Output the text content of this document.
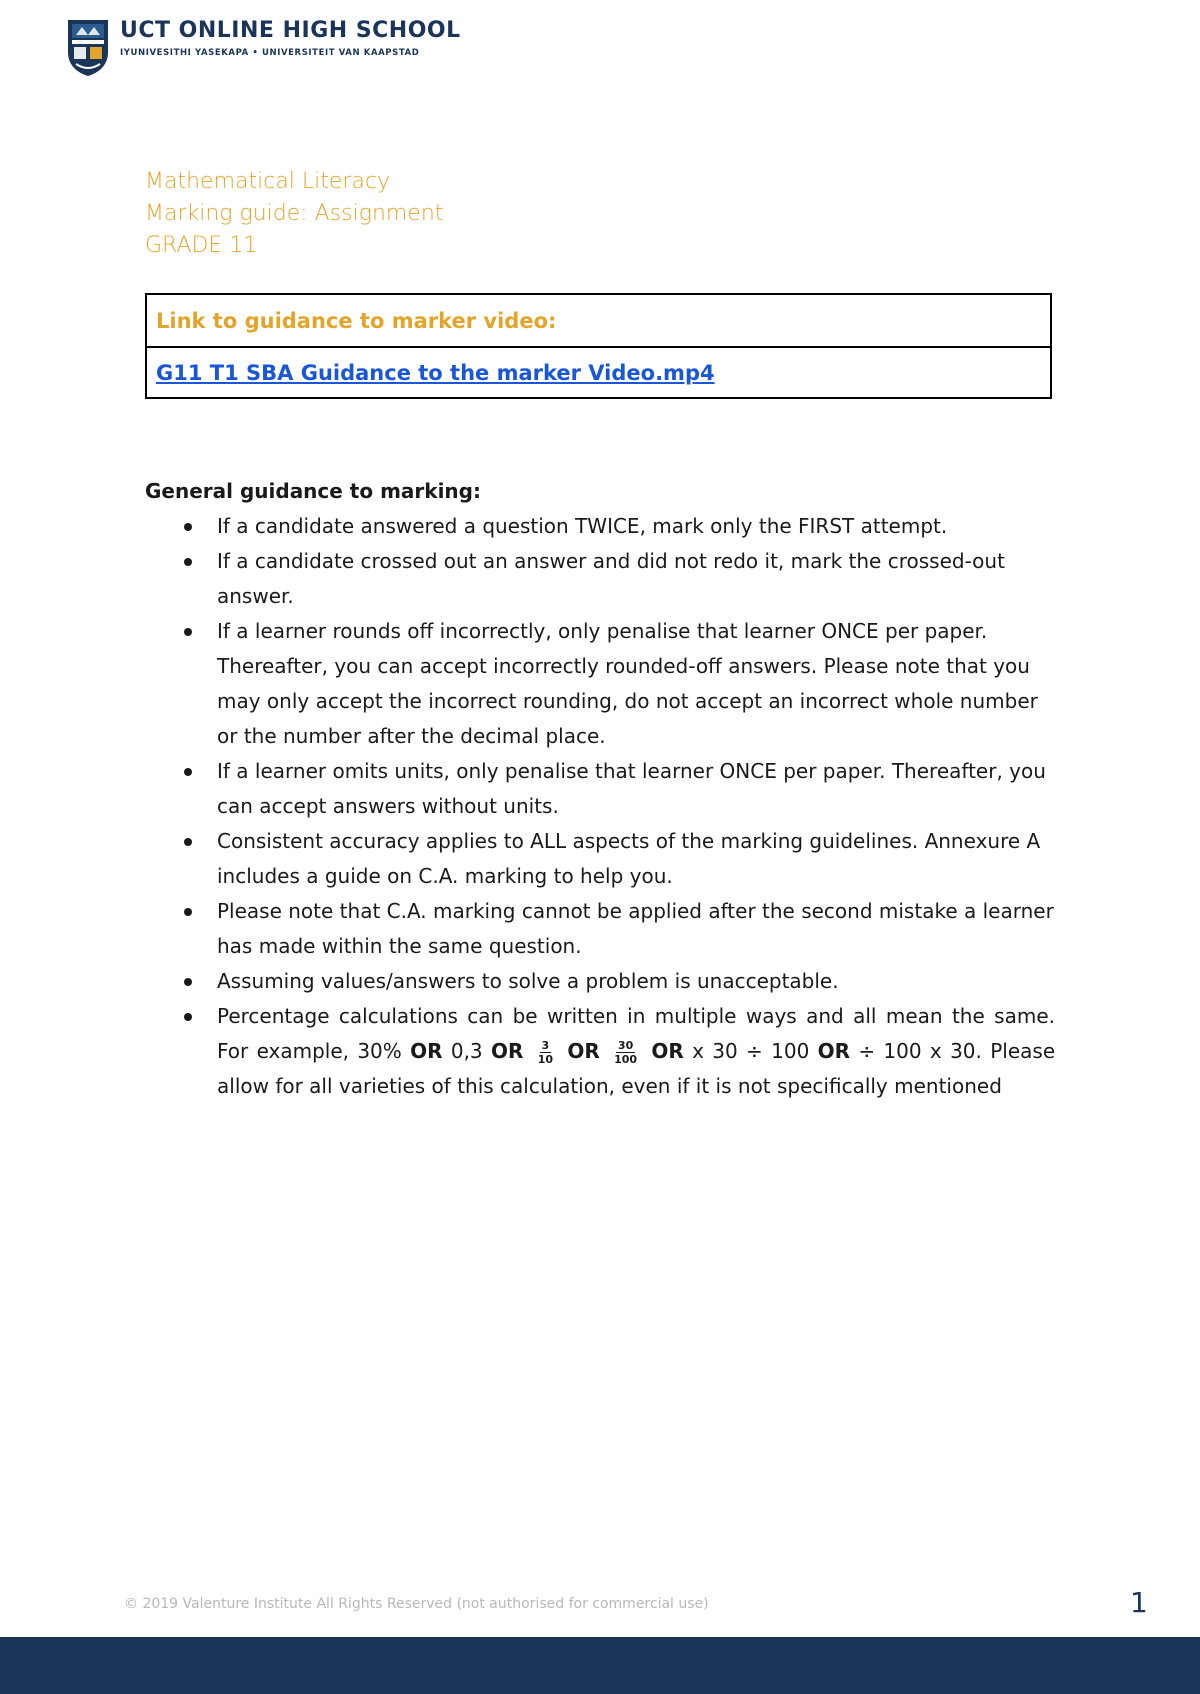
UCT ONLINE HIGH SCHOOL
IYUNIVESITHI YASEKAPA • UNIVERSITEIT VAN KAAPSTAD
Mathematical Literacy
Marking guide: Assignment
GRADE 11
Link to guidance to marker video:
G11 T1 SBA Guidance to the marker Video.mp4
General guidance to marking:
If a candidate answered a question TWICE, mark only the FIRST attempt.
If a candidate crossed out an answer and did not redo it, mark the crossed-out answer.
If a learner rounds off incorrectly, only penalise that learner ONCE per paper. Thereafter, you can accept incorrectly rounded-off answers. Please note that you may only accept the incorrect rounding, do not accept an incorrect whole number or the number after the decimal place.
If a learner omits units, only penalise that learner ONCE per paper. Thereafter, you can accept answers without units.
Consistent accuracy applies to ALL aspects of the marking guidelines. Annexure A includes a guide on C.A. marking to help you.
Please note that C.A. marking cannot be applied after the second mistake a learner has made within the same question.
Assuming values/answers to solve a problem is unacceptable.
Percentage calculations can be written in multiple ways and all mean the same. For example, 30% OR 0,3 OR $\frac{3}{10}$ OR $\frac{30}{100}$ OR x 30 ÷ 100 OR ÷ 100 x 30. Please allow for all varieties of this calculation, even if it is not specifically mentioned
© 2019 Valenture Institute All Rights Reserved (not authorised for commercial use)	1
